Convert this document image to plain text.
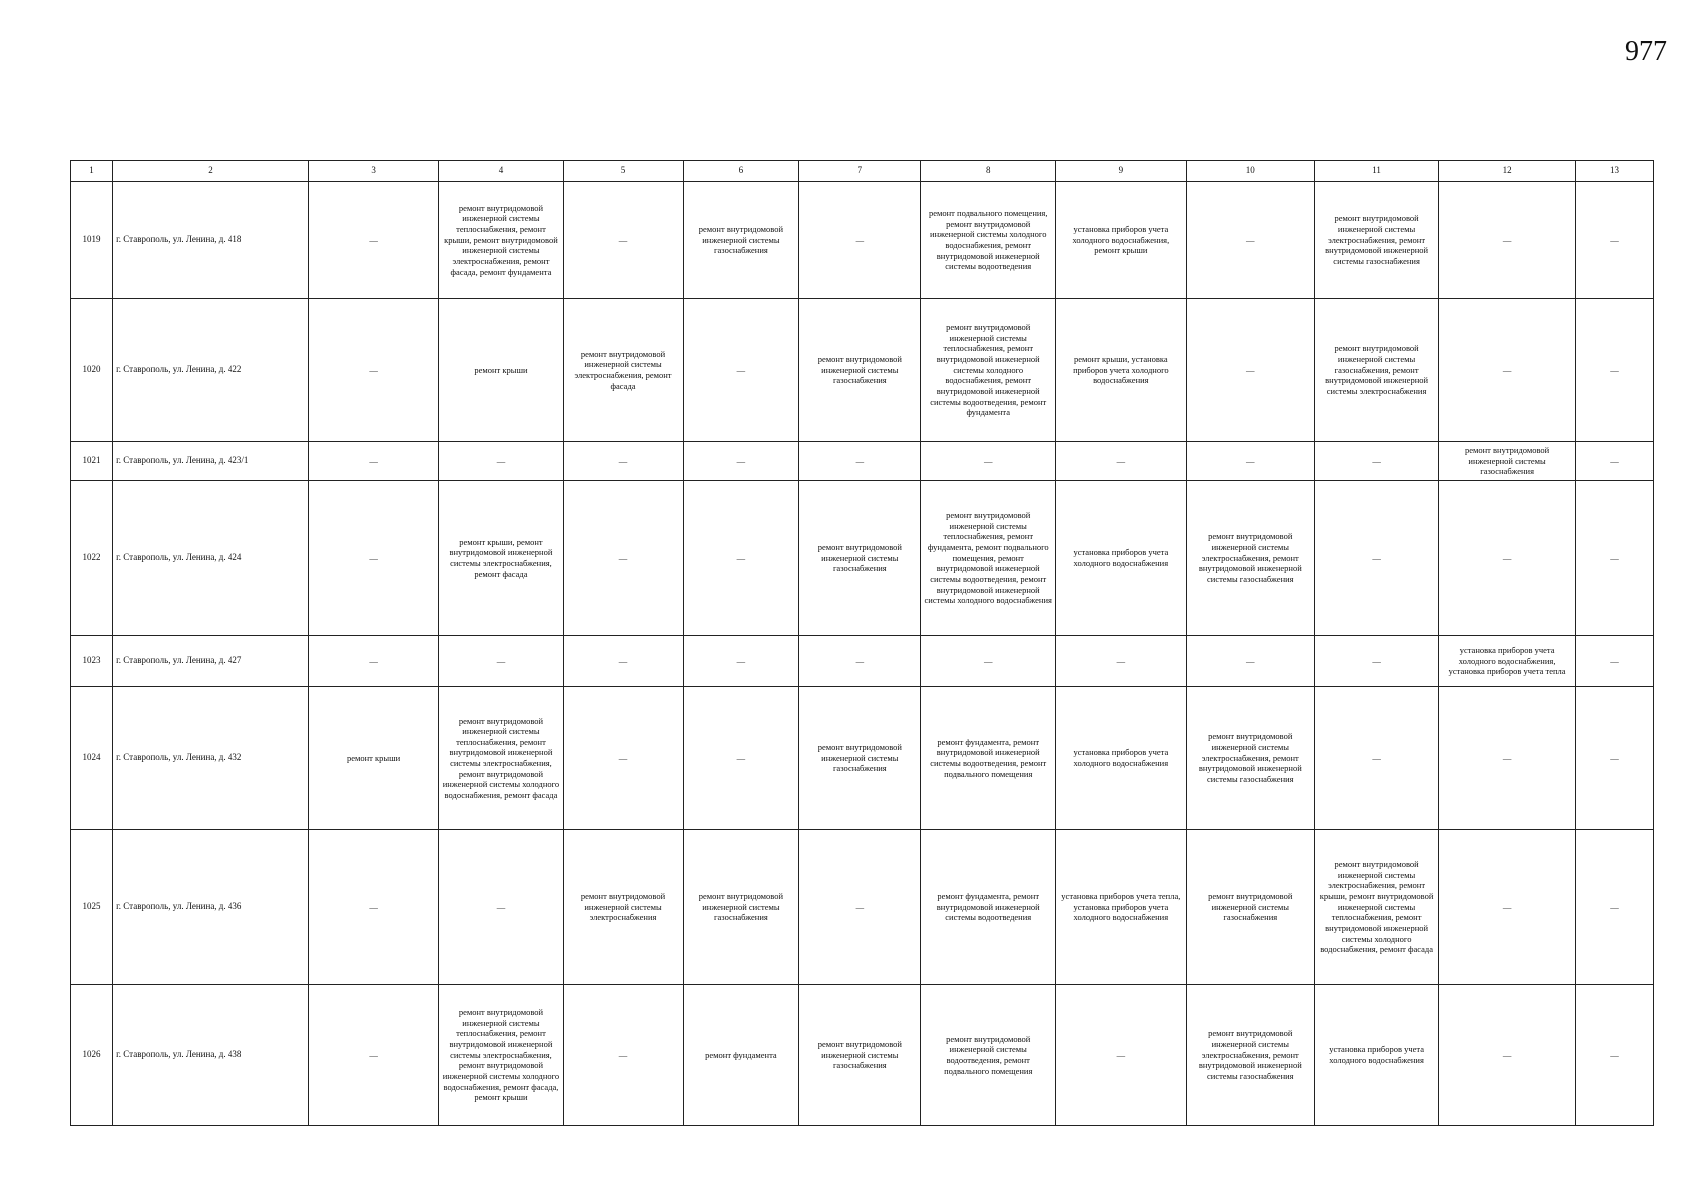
977
1	2	3	4	5	6	7	8	9	10	11	12	13
1019	г. Ставрополь, ул. Ленина, д. 418	—	ремонт внутридомовой инженерной системы теплоснабжения, ремонт крыши, ремонт внутридомовой инженерной системы электроснабжения, ремонт фасада, ремонт фундамента	—	ремонт внутридомовой инженерной системы газоснабжения	—	ремонт подвального помещения, ремонт внутридомовой инженерной системы холодного водоснабжения, ремонт внутридомовой инженерной системы водоотведения	установка приборов учета холодного водоснабжения, ремонт крыши	—	ремонт внутридомовой инженерной системы электроснабжения, ремонт внутридомовой инженерной системы газоснабжения	—	—
1020	г. Ставрополь, ул. Ленина, д. 422	—	ремонт крыши	ремонт внутридомовой инженерной системы электроснабжения, ремонт фасада	—	ремонт внутридомовой инженерной системы газоснабжения	ремонт внутридомовой инженерной системы теплоснабжения, ремонт внутридомовой инженерной системы холодного водоснабжения, ремонт внутридомовой инженерной системы водоотведения, ремонт фундамента	ремонт крыши, установка приборов учета холодного водоснабжения	—	ремонт внутридомовой инженерной системы газоснабжения, ремонт внутридомовой инженерной системы электроснабжения	—	—
1021	г. Ставрополь, ул. Ленина, д. 423/1	—	—	—	—	—	—	—	—	—	ремонт внутридомовой инженерной системы газоснабжения	—
1022	г. Ставрополь, ул. Ленина, д. 424	—	ремонт крыши, ремонт внутридомовой инженерной системы электроснабжения, ремонт фасада	—	—	ремонт внутридомовой инженерной системы газоснабжения	ремонт внутридомовой инженерной системы теплоснабжения, ремонт фундамента, ремонт подвального помещения, ремонт внутридомовой инженерной системы водоотведения, ремонт внутридомовой инженерной системы холодного водоснабжения	установка приборов учета холодного водоснабжения	ремонт внутридомовой инженерной системы электроснабжения, ремонт внутридомовой инженерной системы газоснабжения	—	—	—
1023	г. Ставрополь, ул. Ленина, д. 427	—	—	—	—	—	—	—	—	—	установка приборов учета холодного водоснабжения, установка приборов учета тепла	—
1024	г. Ставрополь, ул. Ленина, д. 432	ремонт крыши	ремонт внутридомовой инженерной системы теплоснабжения, ремонт внутридомовой инженерной системы электроснабжения, ремонт внутридомовой инженерной системы холодного водоснабжения, ремонт фасада	—	—	ремонт внутридомовой инженерной системы газоснабжения	ремонт фундамента, ремонт внутридомовой инженерной системы водоотведения, ремонт подвального помещения	установка приборов учета холодного водоснабжения	ремонт внутридомовой инженерной системы электроснабжения, ремонт внутридомовой инженерной системы газоснабжения	—	—	—
1025	г. Ставрополь, ул. Ленина, д. 436	—	—	ремонт внутридомовой инженерной системы электроснабжения	ремонт внутридомовой инженерной системы газоснабжения	—	ремонт фундамента, ремонт внутридомовой инженерной системы водоотведения	установка приборов учета тепла, установка приборов учета холодного водоснабжения	ремонт внутридомовой инженерной системы газоснабжения	ремонт внутридомовой инженерной системы электроснабжения, ремонт крыши, ремонт внутридомовой инженерной системы теплоснабжения, ремонт внутридомовой инженерной системы холодного водоснабжения, ремонт фасада	—	—
1026	г. Ставрополь, ул. Ленина, д. 438	—	ремонт внутридомовой инженерной системы теплоснабжения, ремонт внутридомовой инженерной системы электроснабжения, ремонт внутридомовой инженерной системы холодного водоснабжения, ремонт фасада, ремонт крыши	—	ремонт фундамента	ремонт внутридомовой инженерной системы газоснабжения	ремонт внутридомовой инженерной системы водоотведения, ремонт подвального помещения	—	ремонт внутридомовой инженерной системы электроснабжения, ремонт внутридомовой инженерной системы газоснабжения	установка приборов учета холодного водоснабжения	—	—
